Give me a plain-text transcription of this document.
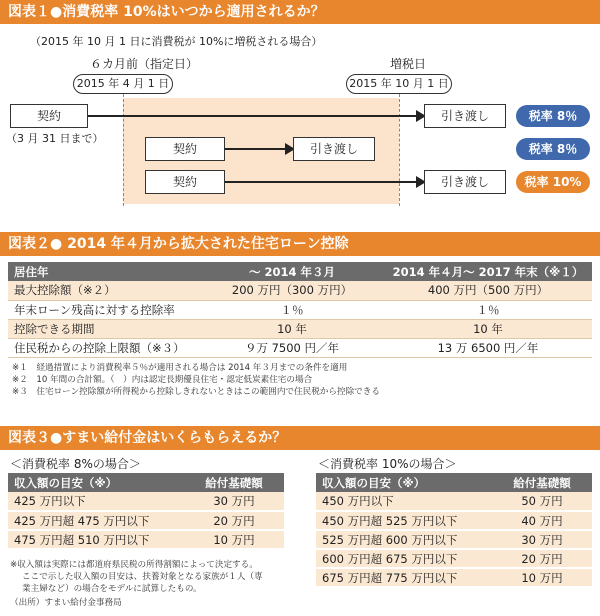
図表１●消費税率 10%はいつから適用されるか？
（2015 年 10 月 1 日に消費税が 10%に増税される場合）
６カ月前（指定日）	増税日
2015 年 4 月 1 日	2015 年 10 月 1 日
契約	引き渡し	税率 8％
（3 月 31 日まで）
契約	引き渡し	税率 8％
契約	引き渡し	税率 10%
図表２● 2014 年４月から拡大された住宅ローン控除
居住年	〜 2014 年３月	2014 年４月〜 2017 年末（※１）
最大控除額（※２）	200 万円（300 万円）	400 万円（500 万円）
年末ローン残高に対する控除率	１％	１％
控除できる期間	10 年	10 年
住民税からの控除上限額（※３）	９万 7500 円／年	13 万 6500 円／年
※１　経過措置により消費税率５％が適用される場合は 2014 年３月までの条件を適用
※２　10 年間の合計額。（　）内は認定長期優良住宅・認定低炭素住宅の場合
※３　住宅ローン控除額が所得税から控除しきれないときはこの範囲内で住民税から控除できる
図表３●すまい給付金はいくらもらえるか？
＜消費税率 8%の場合＞	＜消費税率 10%の場合＞
収入額の目安（※）	給付基礎額
425 万円以下	30 万円
425 万円超 475 万円以下	20 万円
475 万円超 510 万円以下	10 万円
収入額の目安（※）	給付基礎額
450 万円以下	50 万円
450 万円超 525 万円以下	40 万円
525 万円超 600 万円以下	30 万円
600 万円超 675 万円以下	20 万円
675 万円超 775 万円以下	10 万円
※収入額は実際には都道府県民税の所得割額によって決定する。
ここで示した収入額の目安は、扶養対象となる家族が１人（専
業主婦など）の場合をモデルに試算したもの。
（出所）すまい給付金事務局
